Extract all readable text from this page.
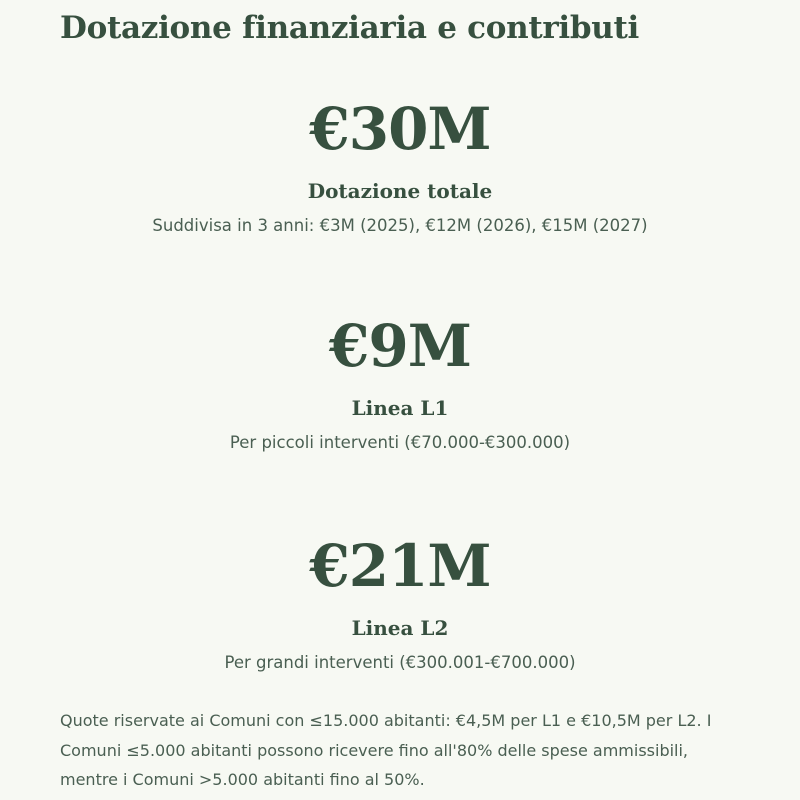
Dotazione finanziaria e contributi
€30M
Dotazione totale
Suddivisa in 3 anni: €3M (2025), €12M (2026), €15M (2027)
€9M
Linea L1
Per piccoli interventi (€70.000-€300.000)
€21M
Linea L2
Per grandi interventi (€300.001-€700.000)

Quote riservate ai Comuni con ≤15.000 abitanti: €4,5M per L1 e €10,5M per L2. I Comuni ≤5.000 abitanti possono ricevere fino all'80% delle spese ammissibili, mentre i Comuni >5.000 abitanti fino al 50%.
